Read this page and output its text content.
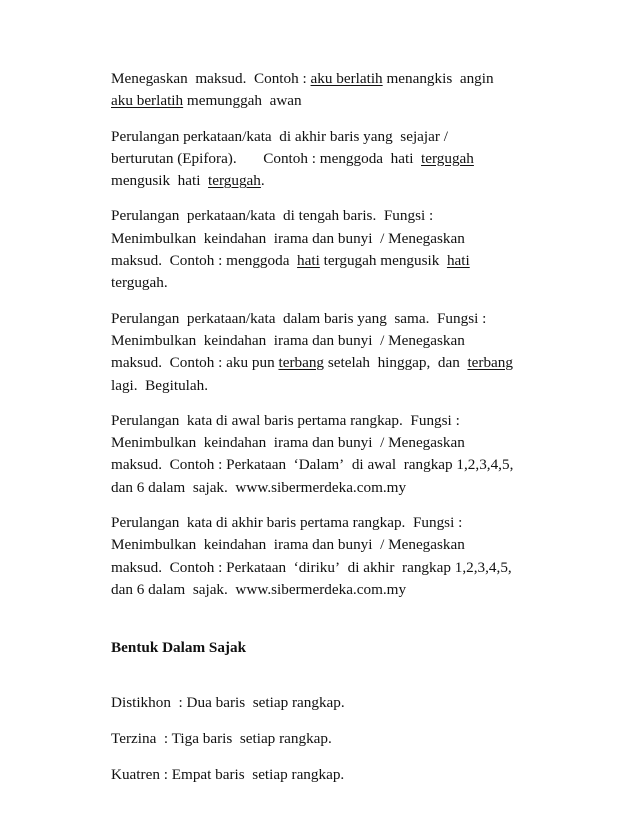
Menegaskan  maksud.  Contoh : aku berlatih menangkis  angin
aku berlatih memunggah  awan
Perulangan perkataan/kata  di akhir baris yang  sejajar /
berturutan (Epifora).       Contoh : menggoda  hati  tergugah
mengusik  hati  tergugah.
Perulangan  perkataan/kata  di tengah baris.  Fungsi :
Menimbulkan  keindahan  irama dan bunyi  / Menegaskan
maksud.  Contoh : menggoda  hati tergugah mengusik  hati
tergugah.
Perulangan  perkataan/kata  dalam baris yang  sama.  Fungsi :
Menimbulkan  keindahan  irama dan bunyi  / Menegaskan
maksud.  Contoh : aku pun terbang setelah  hinggap,  dan  terbang
lagi.  Begitulah.
Perulangan  kata di awal baris pertama rangkap.  Fungsi :
Menimbulkan  keindahan  irama dan bunyi  / Menegaskan
maksud.  Contoh : Perkataan  ‘Dalam’  di awal  rangkap 1,2,3,4,5,
dan 6 dalam  sajak.  www.sibermerdeka.com.my
Perulangan  kata di akhir baris pertama rangkap.  Fungsi :
Menimbulkan  keindahan  irama dan bunyi  / Menegaskan
maksud.  Contoh : Perkataan  ‘diriku’  di akhir  rangkap 1,2,3,4,5,
dan 6 dalam  sajak.  www.sibermerdeka.com.my
Bentuk Dalam Sajak
Distikhon  : Dua baris  setiap rangkap.
Terzina  : Tiga baris  setiap rangkap.
Kuatren : Empat baris  setiap rangkap.
